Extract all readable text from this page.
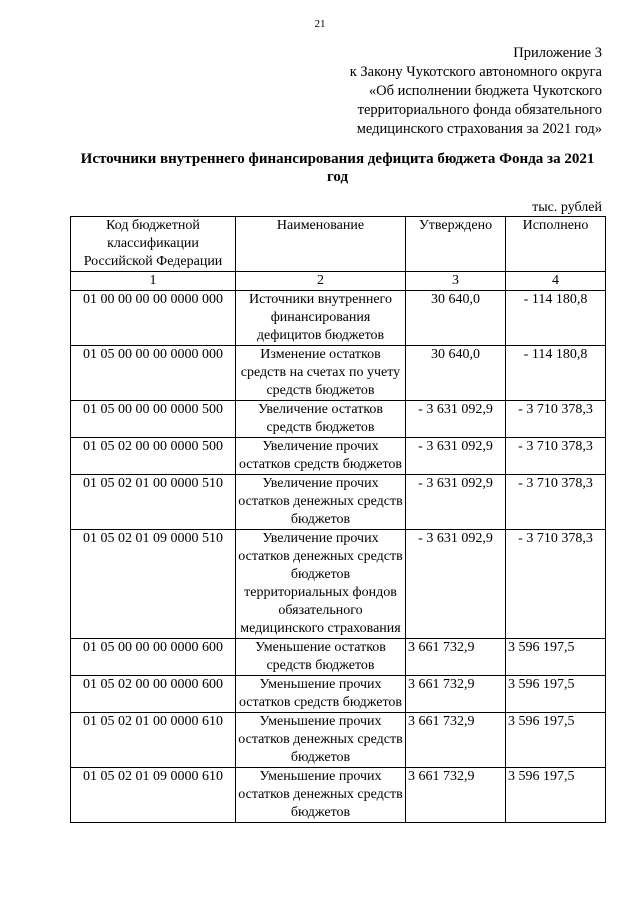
21
Приложение 3
к Закону Чукотского автономного округа
«Об исполнении бюджета Чукотского
территориального фонда обязательного
медицинского страхования за 2021 год»
Источники внутреннего финансирования дефицита бюджета Фонда за 2021 год
тыс. рублей
Код бюджетной классификации Российской Федерации	Наименование	Утверждено	Исполнено
1	2	3	4
01 00 00 00 00 0000 000	Источники внутреннего финансирования дефицитов бюджетов	30 640,0	- 114 180,8
01 05 00 00 00 0000 000	Изменение остатков средств на счетах по учету средств бюджетов	30 640,0	- 114 180,8
01 05 00 00 00 0000 500	Увеличение остатков средств бюджетов	- 3 631 092,9	- 3 710 378,3
01 05 02 00 00 0000 500	Увеличение прочих остатков средств бюджетов	- 3 631 092,9	- 3 710 378,3
01 05 02 01 00 0000 510	Увеличение прочих остатков денежных средств бюджетов	- 3 631 092,9	- 3 710 378,3
01 05 02 01 09 0000 510	Увеличение прочих остатков денежных средств бюджетов территориальных фондов обязательного медицинского страхования	- 3 631 092,9	- 3 710 378,3
01 05 00 00 00 0000 600	Уменьшение остатков средств бюджетов	3 661 732,9	3 596 197,5
01 05 02 00 00 0000 600	Уменьшение прочих остатков средств бюджетов	3 661 732,9	3 596 197,5
01 05 02 01 00 0000 610	Уменьшение прочих остатков денежных средств бюджетов	3 661 732,9	3 596 197,5
01 05 02 01 09 0000 610	Уменьшение прочих остатков денежных средств бюджетов	3 661 732,9	3 596 197,5
